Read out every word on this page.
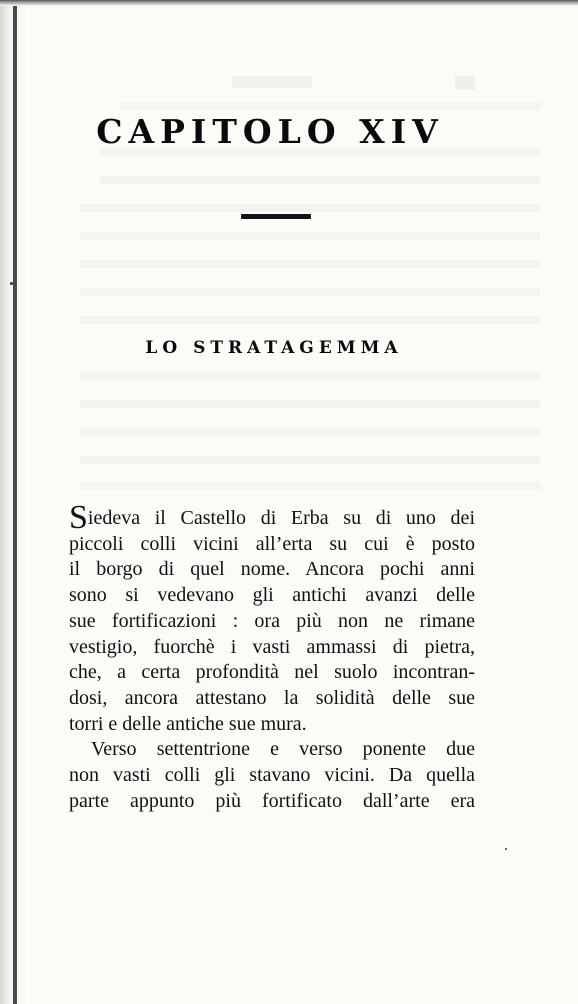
CAPITOLO XIV
LO STRATAGEMMA
Siedeva il Castello di Erba su di uno dei
piccoli colli vicini all’erta su cui è posto
il borgo di quel nome. Ancora pochi anni
sono si vedevano gli antichi avanzi delle
sue fortificazioni : ora più non ne rimane
vestigio, fuorchè i vasti ammassi di pietra,
che, a certa profondità nel suolo incontran-
dosi, ancora attestano la solidità delle sue
torri e delle antiche sue mura.
Verso settentrione e verso ponente due
non vasti colli gli stavano vicini. Da quella
parte appunto più fortificato dall’arte era
